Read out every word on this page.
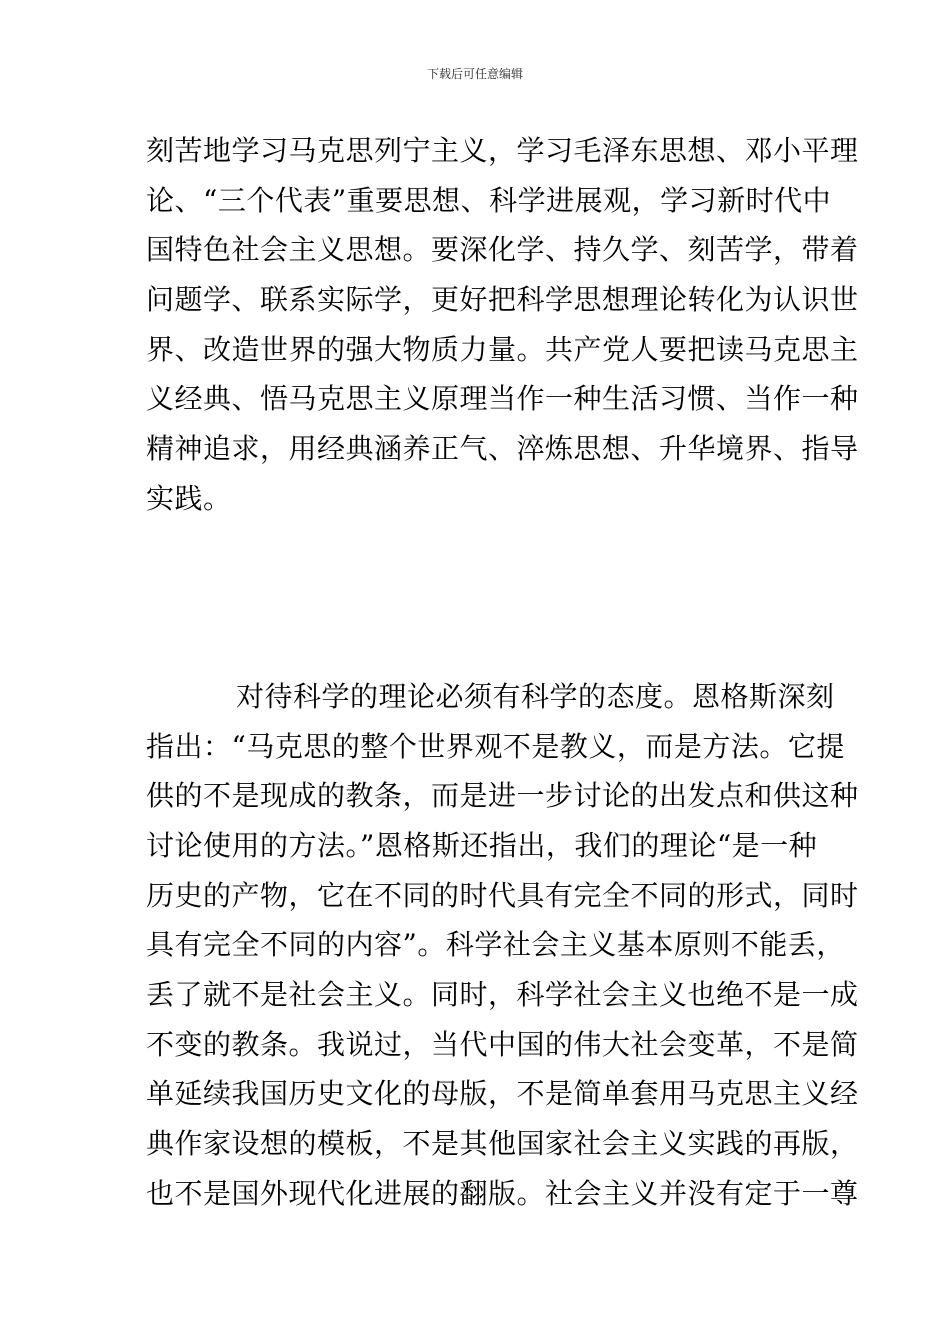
下载后可任意编辑
刻苦地学习马克思列宁主义，学习毛泽东思想、邓小平理
论、“三个代表”重要思想、科学进展观，学习新时代中
国特色社会主义思想。要深化学、持久学、刻苦学，带着
问题学、联系实际学，更好把科学思想理论转化为认识世
界、改造世界的强大物质力量。共产党人要把读马克思主
义经典、悟马克思主义原理当作一种生活习惯、当作一种
精神追求，用经典涵养正气、淬炼思想、升华境界、指导
实践。
对待科学的理论必须有科学的态度。恩格斯深刻
指出：“马克思的整个世界观不是教义，而是方法。它提
供的不是现成的教条，而是进一步讨论的出发点和供这种
讨论使用的方法。”恩格斯还指出，我们的理论“是一种
历史的产物，它在不同的时代具有完全不同的形式，同时
具有完全不同的内容”。科学社会主义基本原则不能丢，
丢了就不是社会主义。同时，科学社会主义也绝不是一成
不变的教条。我说过，当代中国的伟大社会变革，不是简
单延续我国历史文化的母版，不是简单套用马克思主义经
典作家设想的模板，不是其他国家社会主义实践的再版，
也不是国外现代化进展的翻版。社会主义并没有定于一尊
